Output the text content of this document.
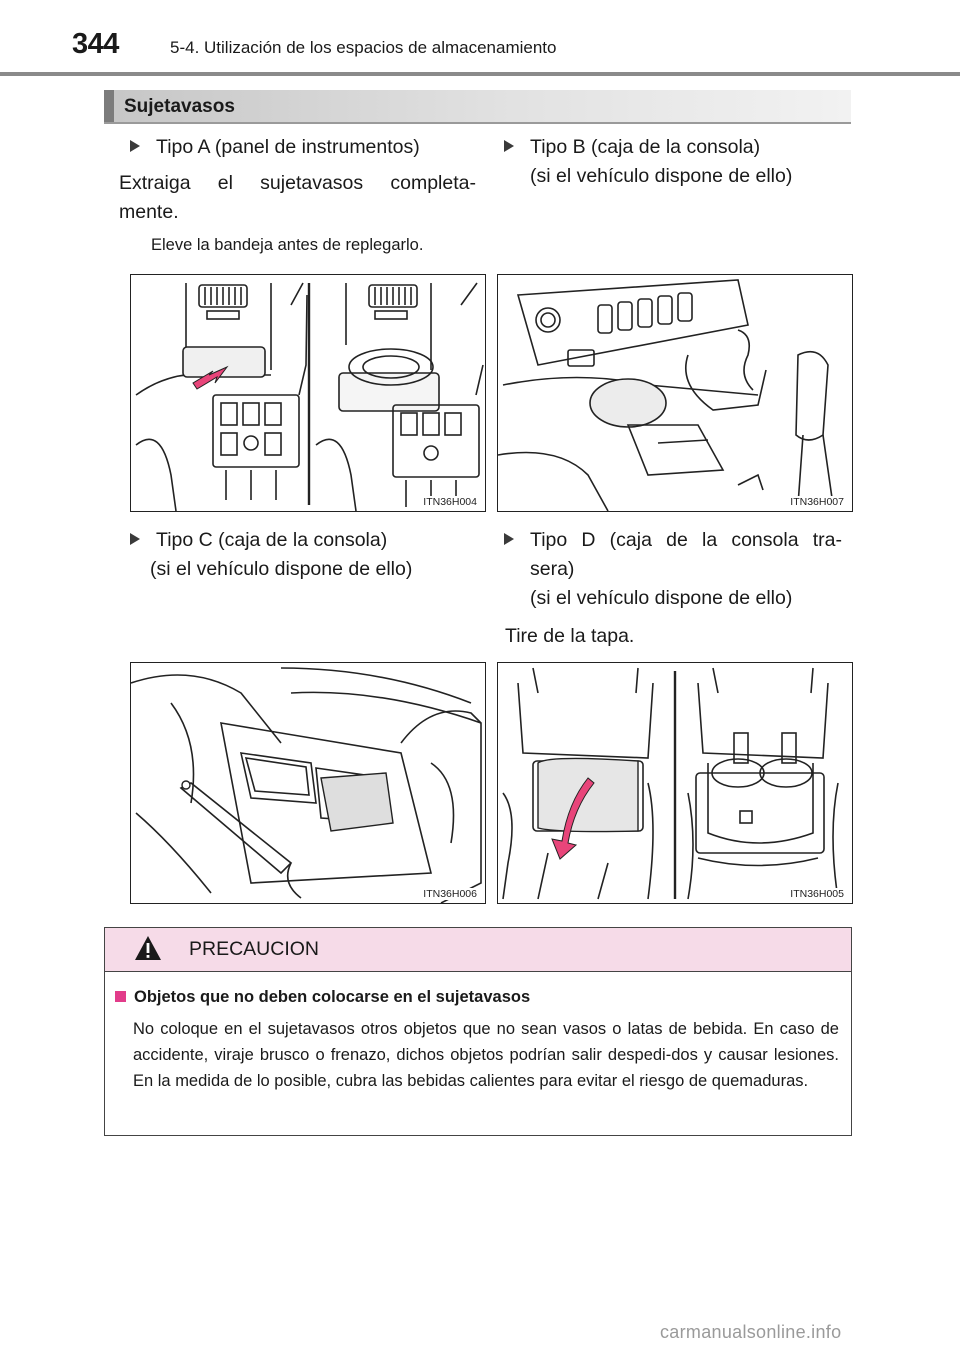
344	5-4. Utilización de los espacios de almacenamiento
Sujetavasos
Tipo A (panel de instrumentos)
Extraiga el sujetavasos completa-
mente.
Eleve la bandeja antes de replegarlo.
Tipo B (caja de la consola)
(si el vehículo dispone de ello)
ITN36H004	ITN36H007
Tipo C (caja de la consola)
(si el vehículo dispone de ello)
Tipo D (caja de la consola tra-
sera)
(si el vehículo dispone de ello)
Tire de la tapa.
ITN36H006	ITN36H005
PRECAUCION
Objetos que no deben colocarse en el sujetavasos
No coloque en el sujetavasos otros objetos que no sean vasos o latas de bebida. En caso de accidente, viraje brusco o frenazo, dichos objetos podrían salir despedi-dos y causar lesiones. En la medida de lo posible, cubra las bebidas calientes para evitar el riesgo de quemaduras.
carmanualsonline.info
